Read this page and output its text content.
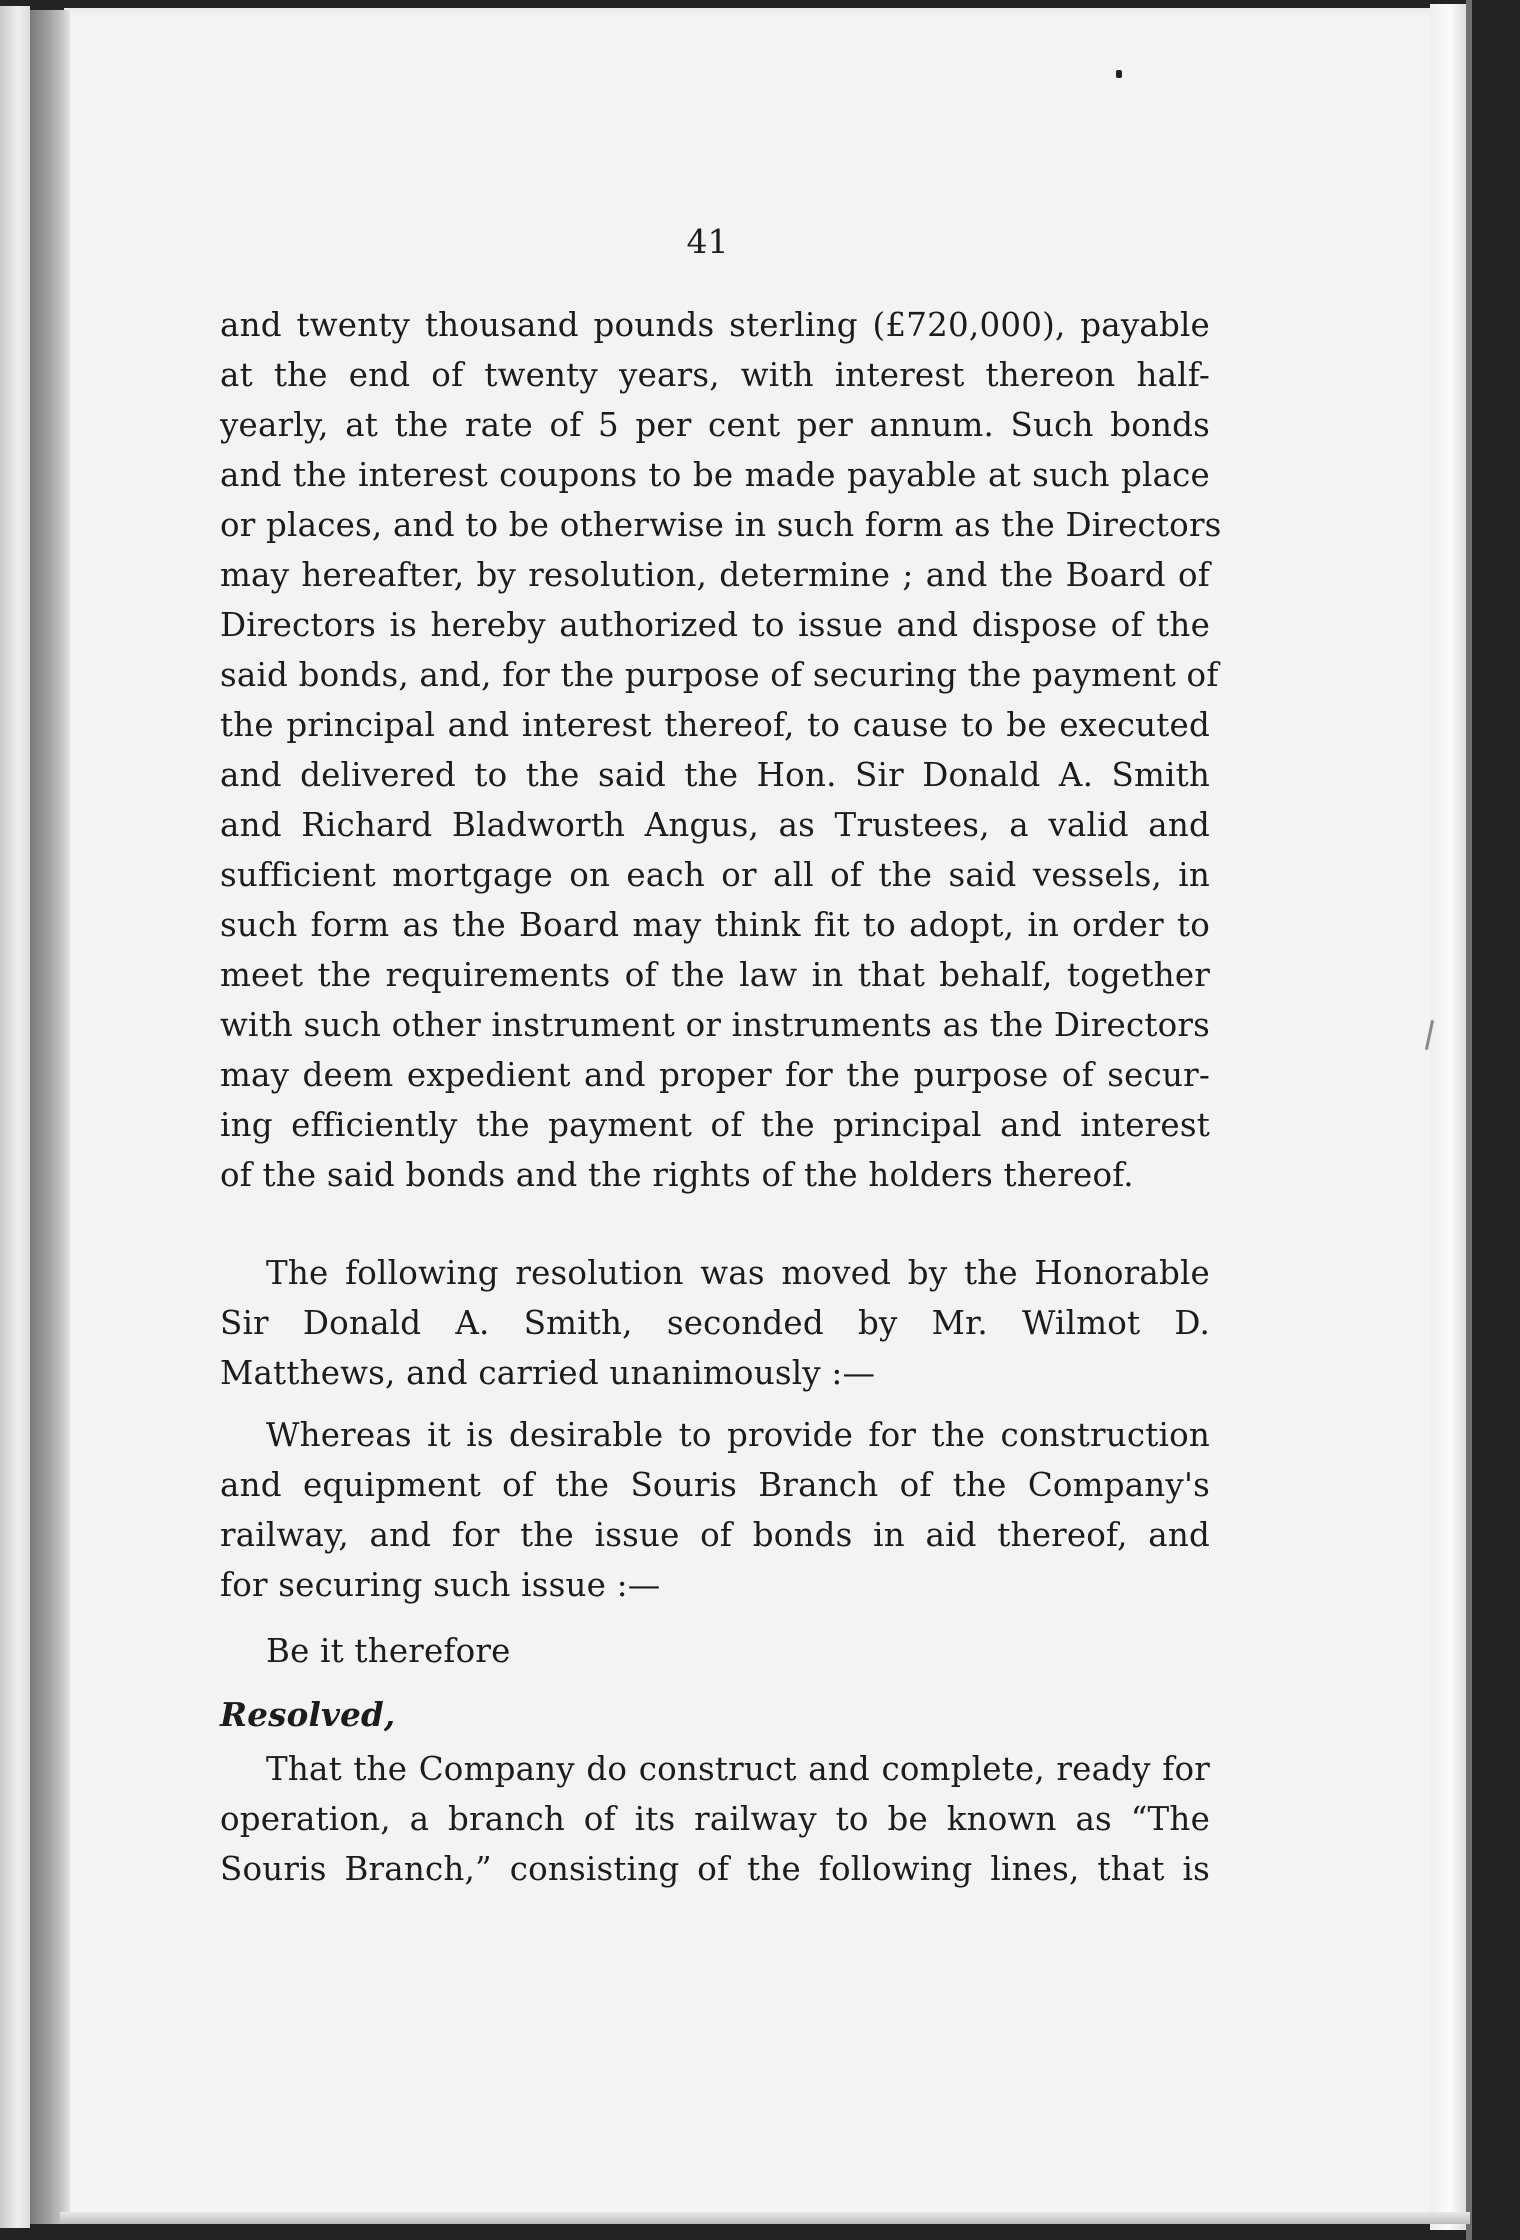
41
and twenty thousand pounds sterling (£720,000), payable
at the end of twenty years, with interest thereon half-
yearly, at the rate of 5 per cent per annum. Such bonds
and the interest coupons to be made payable at such place
or places, and to be otherwise in such form as the Directors
may hereafter, by resolution, determine ; and the Board of
Directors is hereby authorized to issue and dispose of the
said bonds, and, for the purpose of securing the payment of
the principal and interest thereof, to cause to be executed
and delivered to the said the Hon. Sir Donald A. Smith
and Richard Bladworth Angus, as Trustees, a valid and
sufficient mortgage on each or all of the said vessels, in
such form as the Board may think fit to adopt, in order to
meet the requirements of the law in that behalf, together
with such other instrument or instruments as the Directors
may deem expedient and proper for the purpose of secur-
ing efficiently the payment of the principal and interest
of the said bonds and the rights of the holders thereof.
The following resolution was moved by the Honorable
Sir Donald A. Smith, seconded by Mr. Wilmot D.
Matthews, and carried unanimously :—
Whereas it is desirable to provide for the construction
and equipment of the Souris Branch of the Company's
railway, and for the issue of bonds in aid thereof, and
for securing such issue :—
Be it therefore
Resolved,
That the Company do construct and complete, ready for
operation, a branch of its railway to be known as “The
Souris Branch,” consisting of the following lines, that is
